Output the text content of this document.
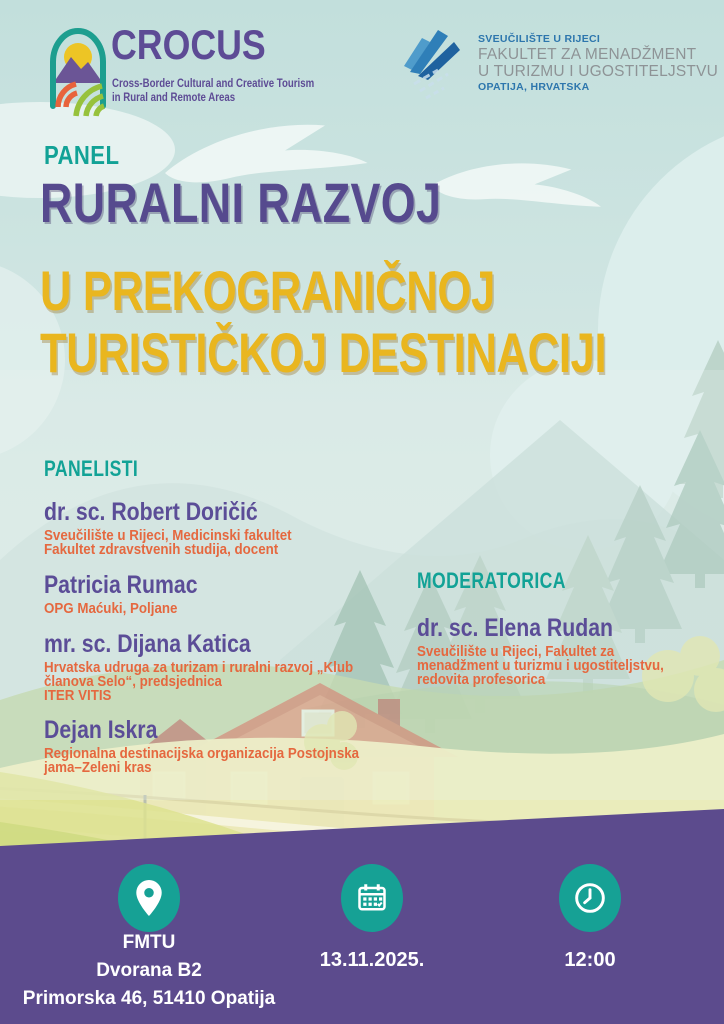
CROCUS
Cross-Border Cultural and Creative Tourism
in Rural and Remote Areas
SVEUČILIŠTE U RIJECI
FAKULTET ZA MENADŽMENT
U TURIZMU I UGOSTITELJSTVU
OPATIJA, HRVATSKA
PANEL
RURALNI RAZVOJ
U PREKOGRANIČNOJ
TURISTIČKOJ DESTINACIJI
PANELISTI
dr. sc. Robert Doričić
Sveučilište u Rijeci, Medicinski fakultet
Fakultet zdravstvenih studija, docent
Patricia Rumac
OPG Maćuki, Poljane
mr. sc. Dijana Katica
Hrvatska udruga za turizam i ruralni razvoj „Klub
članova Selo“, predsjednica
ITER VITIS
Dejan Iskra
Regionalna destinacijska organizacija Postojnska
jama–Zeleni kras
MODERATORICA
dr. sc. Elena Rudan
Sveučilište u Rijeci, Fakultet za
menadžment u turizmu i ugostiteljstvu,
redovita profesorica
FMTU
Dvorana B2
Primorska 46, 51410 Opatija
13.11.2025.	12:00
